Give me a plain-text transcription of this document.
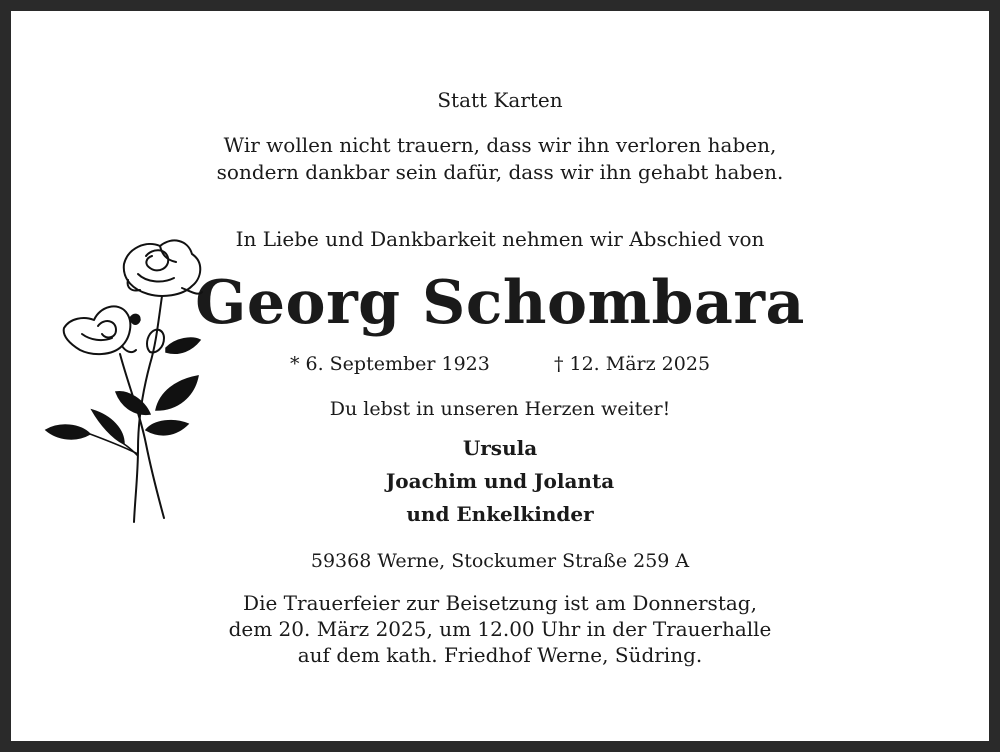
Statt Karten
Wir wollen nicht trauern, dass wir ihn verloren haben,
sondern dankbar sein dafür, dass wir ihn gehabt haben.
In Liebe und Dankbarkeit nehmen wir Abschied von
Georg Schombara
* 6. September 1923	† 12. März 2025
Du lebst in unseren Herzen weiter!
Ursula
Joachim und Jolanta
und Enkelkinder
59368 Werne, Stockumer Straße 259 A
Die Trauerfeier zur Beisetzung ist am Donnerstag,
dem 20. März 2025, um 12.00 Uhr in der Trauerhalle
auf dem kath. Friedhof Werne, Südring.
